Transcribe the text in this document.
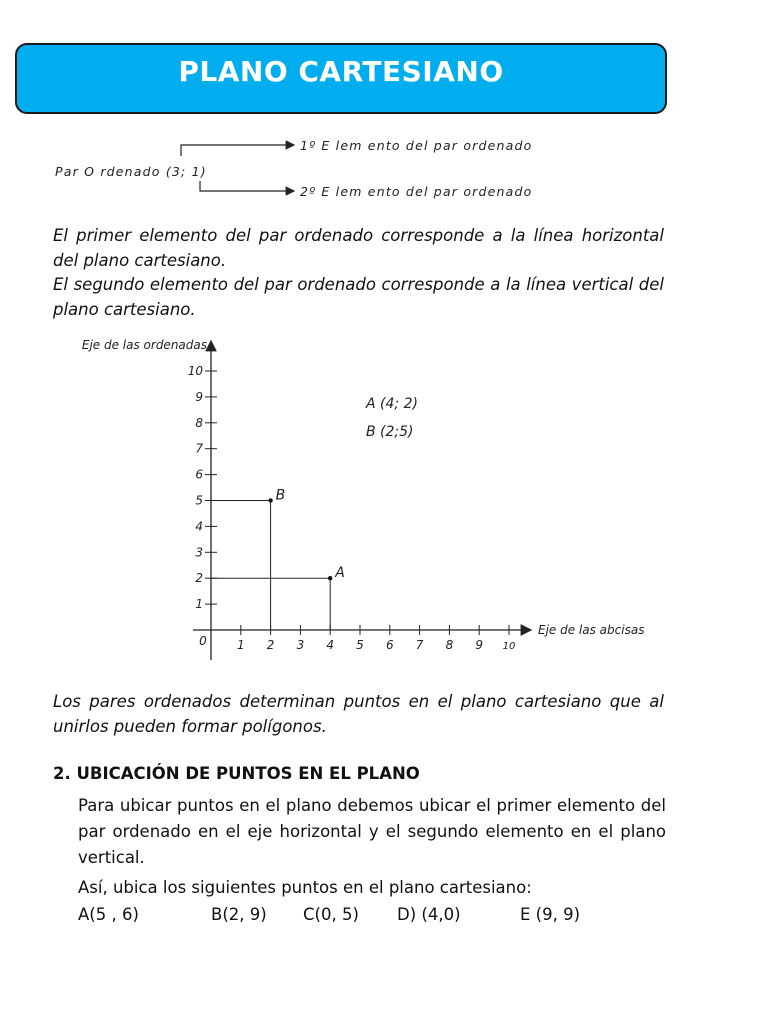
PLANO CARTESIANO
1º E lem ento del par ordenado
Par O rdenado (3; 1)
2º E lem ento del par ordenado

El primer elemento del par ordenado corresponde a la línea horizontal del plano cartesiano.

El segundo elemento del par ordenado corresponde a la línea vertical del plano cartesiano.

Eje de las ordenadas
Eje de las abcisas
0
1
2
3
4
5
6
7
8
9
10
1 2 3 4 5 6 7 8 9 10
A
B
A (4; 2)
B (2;5)

Los pares ordenados determinan puntos en el plano cartesiano que al unirlos pueden formar polígonos.

2. UBICACIÓN DE PUNTOS EN EL PLANO

Para ubicar puntos en el plano debemos ubicar el primer elemento del par ordenado en el eje horizontal y el segundo elemento en el plano vertical.

Así, ubica los siguientes puntos en el plano cartesiano:

A(5 , 6)	B(2, 9) C(0, 5) D) (4,0)	E (9, 9)
